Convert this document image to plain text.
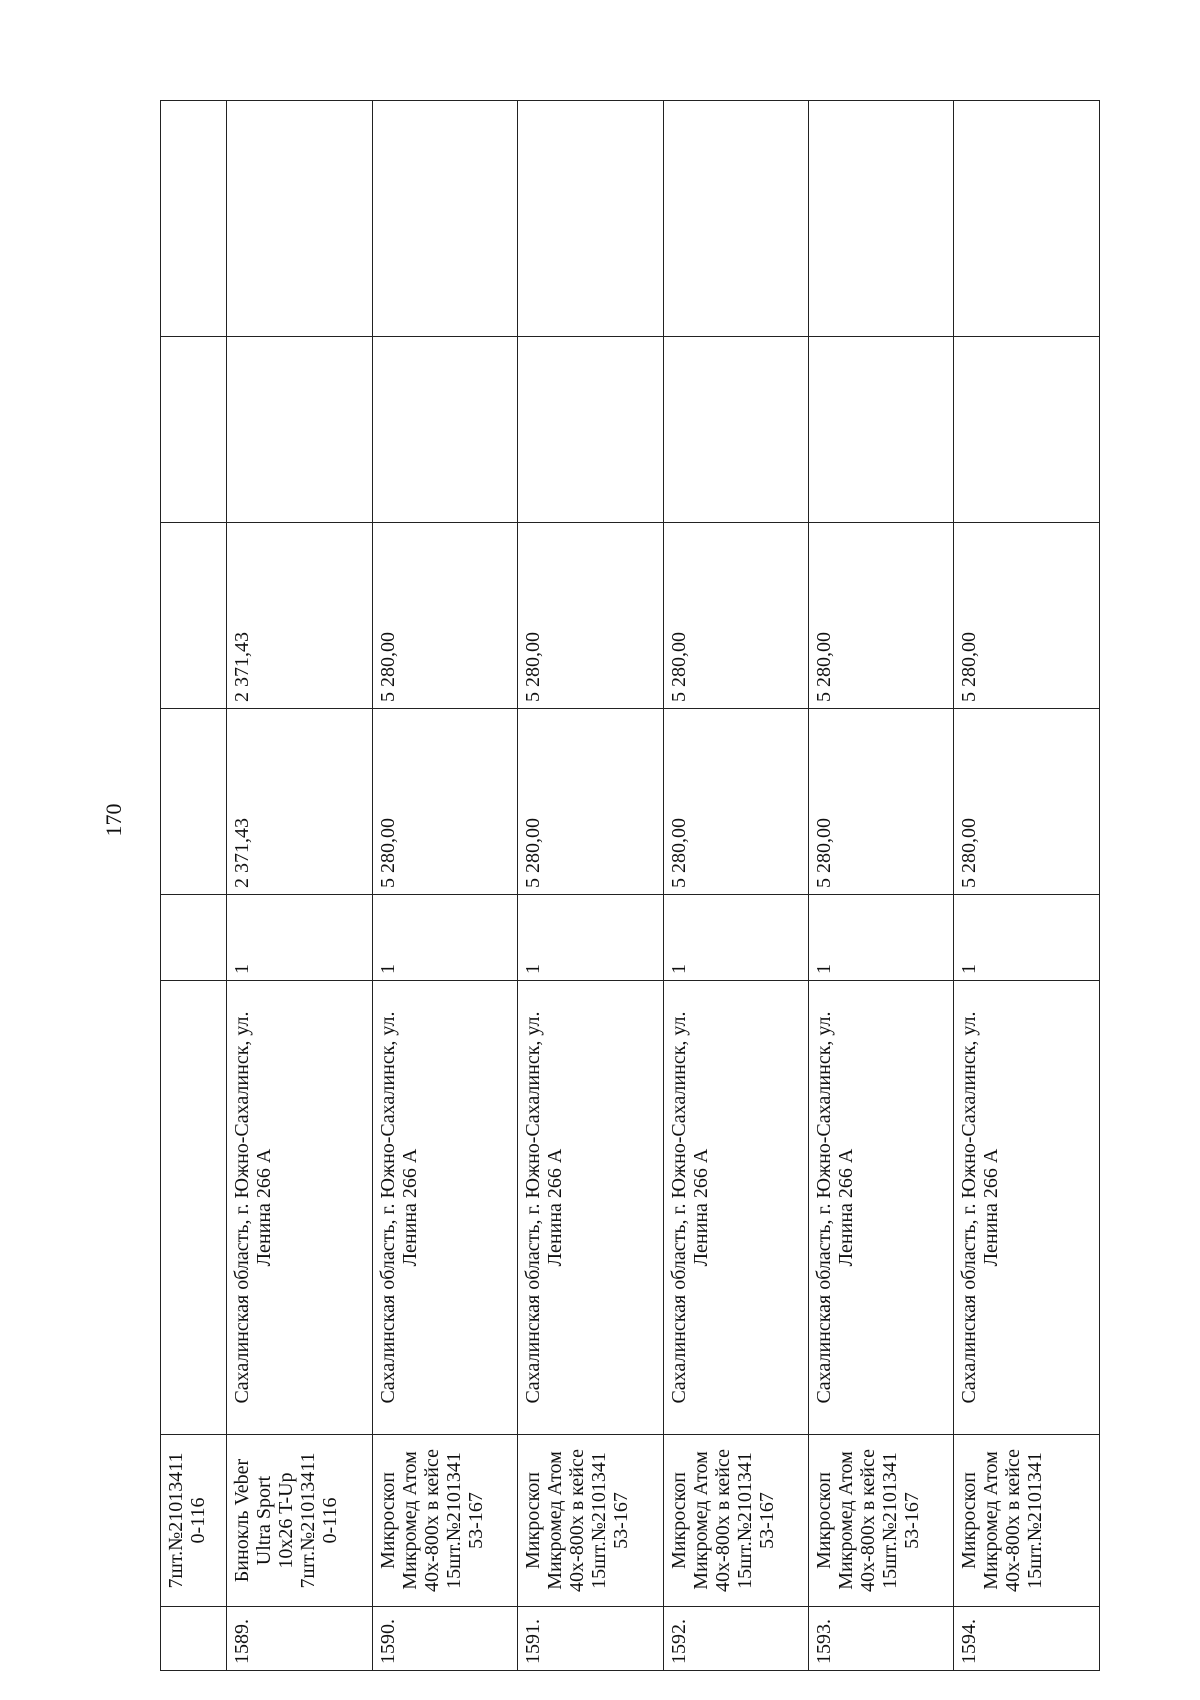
170
	7шт.№21013411
0-116						
1589.	Бинокль Veber
Ultra Sport
10x26 T-Up
7шт.№21013411
0-116	Сахалинская область, г. Южно-Сахалинск, ул.
Ленина 266 А	1	2 371,43	2 371,43		
1590.	Микроскоп
Микромед Атом
40х-800х в кейсе
15шт.№2101341
53-167	Сахалинская область, г. Южно-Сахалинск, ул.
Ленина 266 А	1	5 280,00	5 280,00		
1591.	Микроскоп
Микромед Атом
40х-800х в кейсе
15шт.№2101341
53-167	Сахалинская область, г. Южно-Сахалинск, ул.
Ленина 266 А	1	5 280,00	5 280,00		
1592.	Микроскоп
Микромед Атом
40х-800х в кейсе
15шт.№2101341
53-167	Сахалинская область, г. Южно-Сахалинск, ул.
Ленина 266 А	1	5 280,00	5 280,00		
1593.	Микроскоп
Микромед Атом
40х-800х в кейсе
15шт.№2101341
53-167	Сахалинская область, г. Южно-Сахалинск, ул.
Ленина 266 А	1	5 280,00	5 280,00		
1594.	Микроскоп
Микромед Атом
40х-800х в кейсе
15шт.№2101341	Сахалинская область, г. Южно-Сахалинск, ул.
Ленина 266 А	1	5 280,00	5 280,00		
